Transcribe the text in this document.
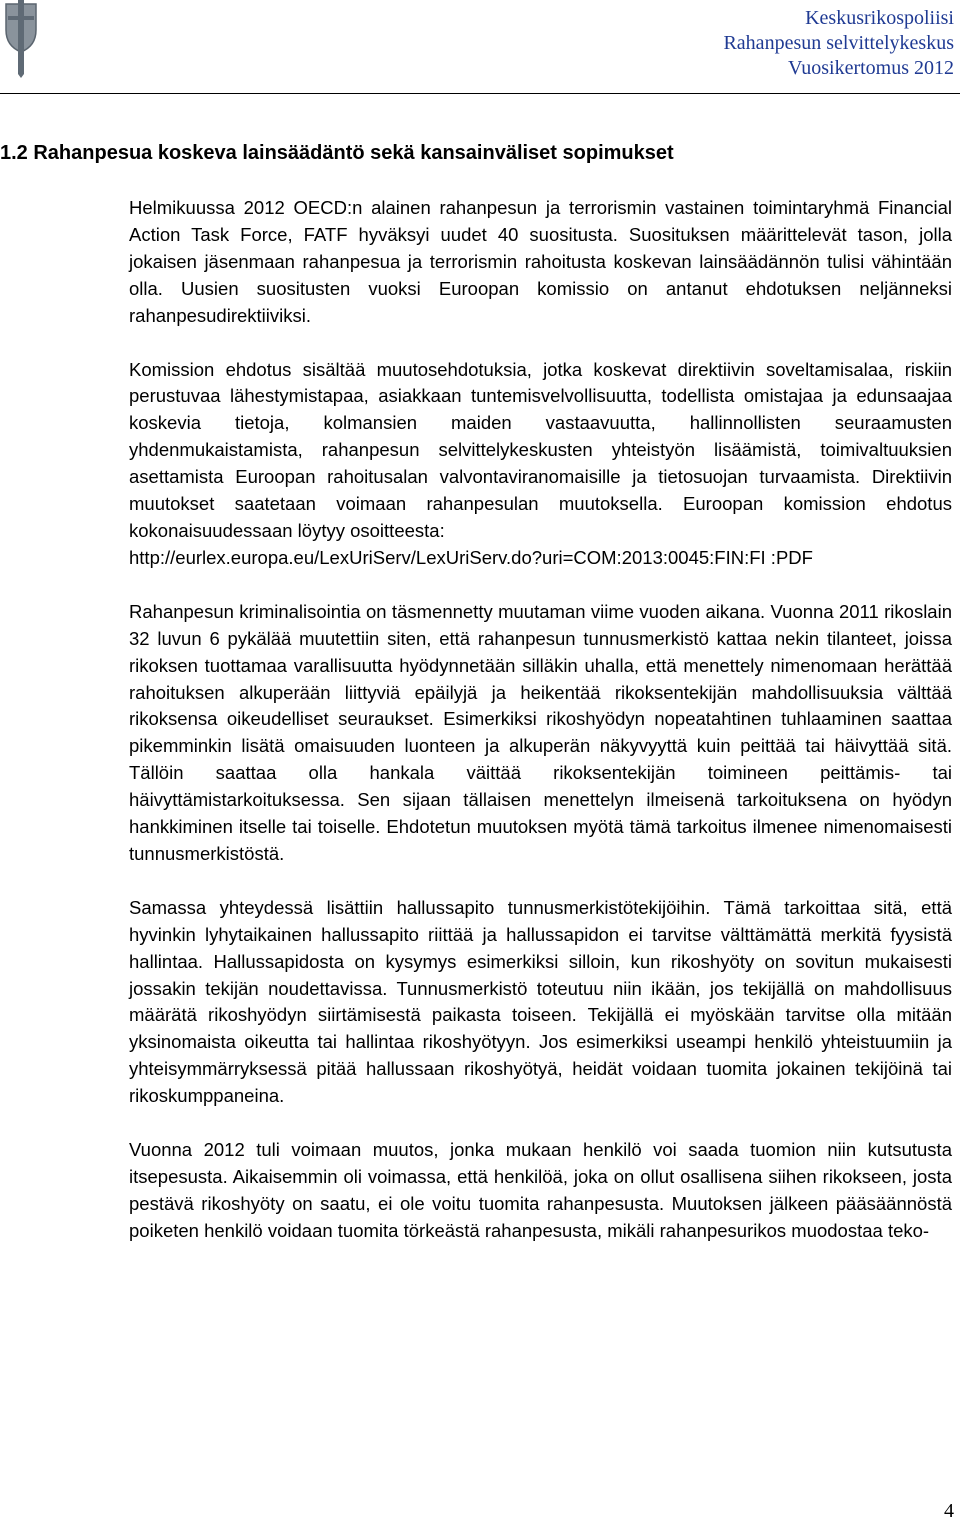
Keskusrikospoliisi
Rahanpesun selvittelykeskus
Vuosikertomus 2012
1.2 Rahanpesua koskeva lainsäädäntö sekä kansainväliset sopimukset

Helmikuussa 2012 OECD:n alainen rahanpesun ja terrorismin vastainen toimintaryhmä Financial Action Task Force, FATF hyväksyi uudet 40 suositusta. Suosituksen määrittelevät tason, jolla jokaisen jäsenmaan rahanpesua ja terrorismin rahoitusta koskevan lainsäädännön tulisi vähintään olla. Uusien suositusten vuoksi Euroopan komissio on antanut ehdotuksen neljänneksi rahanpesudirektiiviksi.

Komission ehdotus sisältää muutosehdotuksia, jotka koskevat direktiivin soveltamisalaa, riskiin perustuvaa lähestymistapaa, asiakkaan tuntemisvelvollisuutta, todellista omistajaa ja edunsaajaa koskevia tietoja, kolmansien maiden vastaavuutta, hallinnollisten seuraamusten yhdenmukaistamista, rahanpesun selvittelykeskusten yhteistyön lisäämistä, toimivaltuuksien asettamista Euroopan rahoitusalan valvontaviranomaisille ja tietosuojan turvaamista. Direktiivin muutokset saatetaan voimaan rahanpesulan muutoksella. Euroopan komission ehdotus kokonaisuudessaan löytyy osoitteesta:

http://eurlex.europa.eu/LexUriServ/LexUriServ.do?uri=COM:2013:0045:FIN:FI :PDF

Rahanpesun kriminalisointia on täsmennetty muutaman viime vuoden aikana. Vuonna 2011 rikoslain 32 luvun 6 pykälää muutettiin siten, että rahanpesun tunnusmerkistö kattaa nekin tilanteet, joissa rikoksen tuottamaa varallisuutta hyödynnetään silläkin uhalla, että menettely nimenomaan herättää rahoituksen alkuperään liittyviä epäilyjä ja heikentää rikoksentekijän mahdollisuuksia välttää rikoksensa oikeudelliset seuraukset. Esimerkiksi rikoshyödyn nopeatahtinen tuhlaaminen saattaa pikemminkin lisätä omaisuuden luonteen ja alkuperän näkyvyyttä kuin peittää tai häivyttää sitä. Tällöin saattaa olla hankala väittää rikoksentekijän toimineen peittämis- tai häivyttämistarkoituksessa. Sen sijaan tällaisen menettelyn ilmeisenä tarkoituksena on hyödyn hankkiminen itselle tai toiselle. Ehdotetun muutoksen myötä tämä tarkoitus ilmenee nimenomaisesti tunnusmerkistöstä.

Samassa yhteydessä lisättiin hallussapito tunnusmerkistötekijöihin. Tämä tarkoittaa sitä, että hyvinkin lyhytaikainen hallussapito riittää ja hallussapidon ei tarvitse välttämättä merkitä fyysistä hallintaa. Hallussapidosta on kysymys esimerkiksi silloin, kun rikoshyöty on sovitun mukaisesti jossakin tekijän noudettavissa. Tunnusmerkistö toteutuu niin ikään, jos tekijällä on mahdollisuus määrätä rikoshyödyn siirtämisestä paikasta toiseen. Tekijällä ei myöskään tarvitse olla mitään yksinomaista oikeutta tai hallintaa rikoshyötyyn. Jos esimerkiksi useampi henkilö yhteistuumiin ja yhteisymmärryksessä pitää hallussaan rikoshyötyä, heidät voidaan tuomita jokainen tekijöinä tai rikoskumppaneina.

Vuonna 2012 tuli voimaan muutos, jonka mukaan henkilö voi saada tuomion niin kutsutusta itsepesusta. Aikaisemmin oli voimassa, että henkilöä, joka on ollut osallisena siihen rikokseen, josta pestävä rikoshyöty on saatu, ei ole voitu tuomita rahanpesusta. Muutoksen jälkeen pääsäännöstä poiketen henkilö voidaan tuomita törkeästä rahanpesusta, mikäli rahanpesurikos muodostaa teko-

4
